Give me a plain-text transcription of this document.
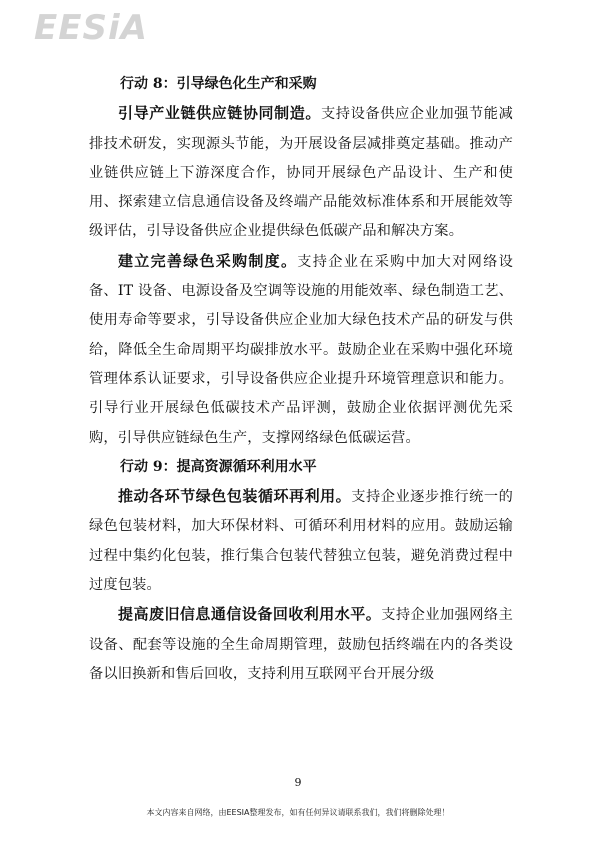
EESiA

行动 8：引导绿色化生产和采购

引导产业链供应链协同制造。支持设备供应企业加强节能减排技术研发，实现源头节能，为开展设备层减排奠定基础。推动产业链供应链上下游深度合作，协同开展绿色产品设计、生产和使用、探索建立信息通信设备及终端产品能效标准体系和开展能效等级评估，引导设备供应企业提供绿色低碳产品和解决方案。

建立完善绿色采购制度。支持企业在采购中加大对网络设备、IT 设备、电源设备及空调等设施的用能效率、绿色制造工艺、使用寿命等要求，引导设备供应企业加大绿色技术产品的研发与供给，降低全生命周期平均碳排放水平。鼓励企业在采购中强化环境管理体系认证要求，引导设备供应企业提升环境管理意识和能力。引导行业开展绿色低碳技术产品评测，鼓励企业依据评测优先采购，引导供应链绿色生产，支撑网络绿色低碳运营。

行动 9：提高资源循环利用水平

推动各环节绿色包装循环再利用。支持企业逐步推行统一的绿色包装材料，加大环保材料、可循环利用材料的应用。鼓励运输过程中集约化包装，推行集合包装代替独立包装，避免消费过程中过度包装。

提高废旧信息通信设备回收利用水平。支持企业加强网络主设备、配套等设施的全生命周期管理，鼓励包括终端在内的各类设备以旧换新和售后回收，支持利用互联网平台开展分级

9
本文内容来自网络，由EESIA整理发布，如有任何异议请联系我们，我们将删除处理！
